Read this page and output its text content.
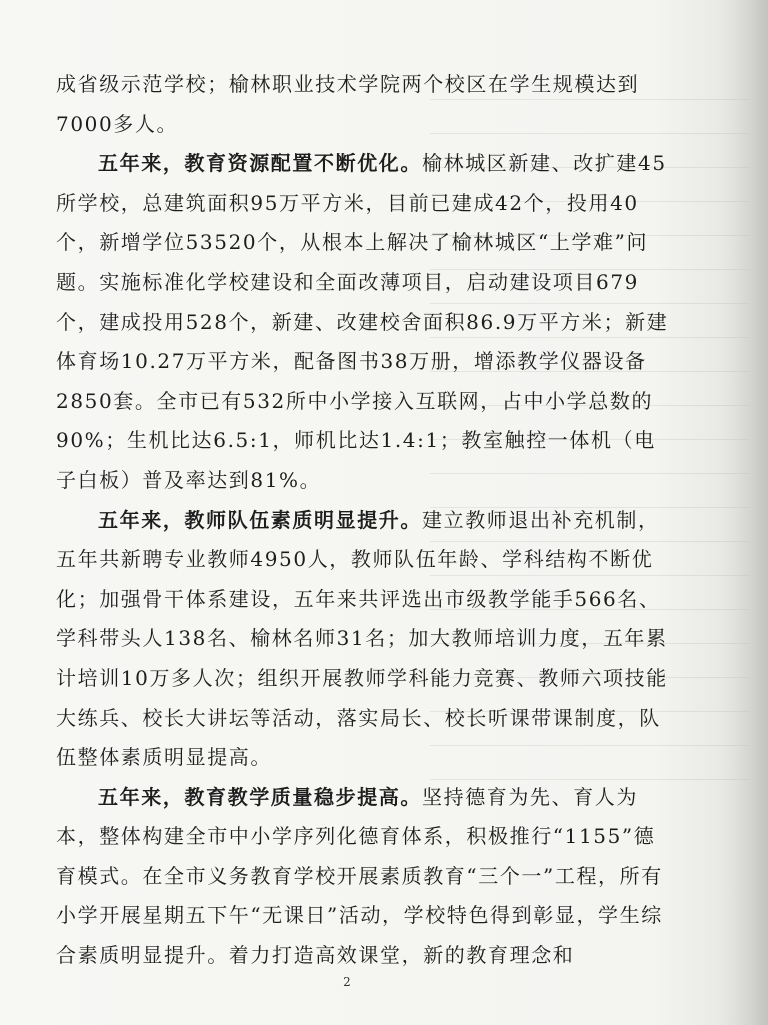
成省级示范学校；榆林职业技术学院两个校区在学生规模达到7000多人。

五年来，教育资源配置不断优化。榆林城区新建、改扩建45所学校，总建筑面积95万平方米，目前已建成42个，投用40个，新增学位53520个，从根本上解决了榆林城区“上学难”问题。实施标准化学校建设和全面改薄项目，启动建设项目679个，建成投用528个，新建、改建校舍面积86.9万平方米；新建体育场10.27万平方米，配备图书38万册，增添教学仪器设备2850套。全市已有532所中小学接入互联网，占中小学总数的90%；生机比达6.5:1，师机比达1.4:1；教室触控一体机（电子白板）普及率达到81%。

五年来，教师队伍素质明显提升。建立教师退出补充机制，五年共新聘专业教师4950人，教师队伍年龄、学科结构不断优化；加强骨干体系建设，五年来共评选出市级教学能手566名、学科带头人138名、榆林名师31名；加大教师培训力度，五年累计培训10万多人次；组织开展教师学科能力竞赛、教师六项技能大练兵、校长大讲坛等活动，落实局长、校长听课带课制度，队伍整体素质明显提高。

五年来，教育教学质量稳步提高。坚持德育为先、育人为本，整体构建全市中小学序列化德育体系，积极推行“1155”德育模式。在全市义务教育学校开展素质教育“三个一”工程，所有小学开展星期五下午“无课日”活动，学校特色得到彰显，学生综合素质明显提升。着力打造高效课堂，新的教育理念和

2
